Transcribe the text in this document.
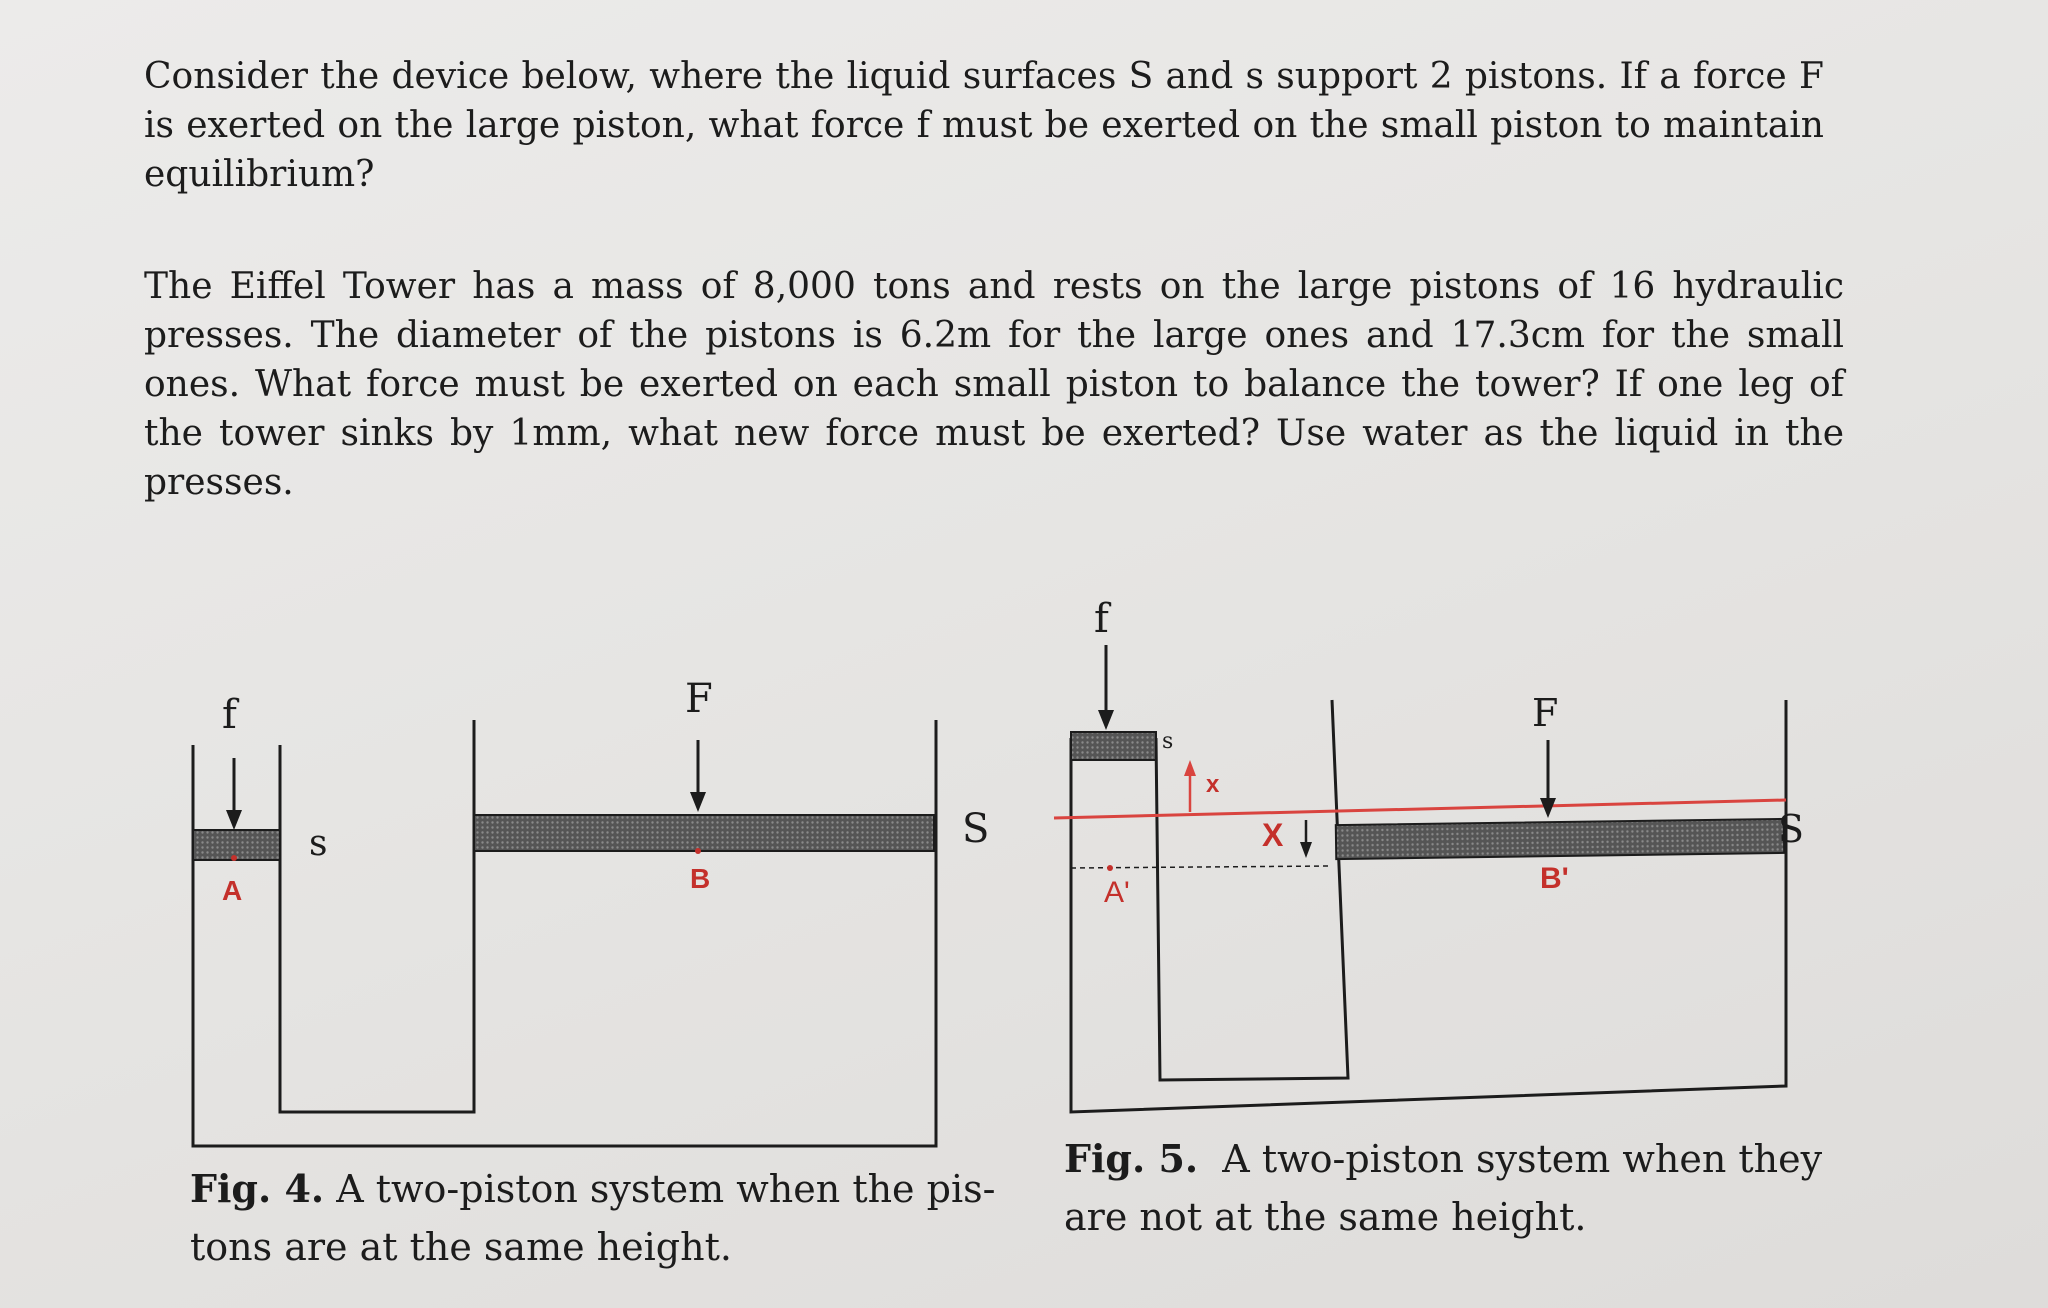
Consider the device below, where the liquid surfaces S and s support 2 pistons. If a force F is exerted on the large piston, what force f must be exerted on the small piston to maintain equilibrium?

The Eiffel Tower has a mass of 8,000 tons and rests on the large pistons of 16 hydraulic presses. The diameter of the pistons is 6.2m for the large ones and 17.3cm for the small ones. What force must be exerted on each small piston to balance the tower? If one leg of the tower sinks by 1mm, what new force must be exerted? Use water as the liquid in the presses.

f
s
A
F
B
S
f
s
x
A'
X
F
B'
S

Fig. 4. A two-piston system when the pis- tons are at the same height.

Fig. 5. A two-piston system when they are not at the same height.
